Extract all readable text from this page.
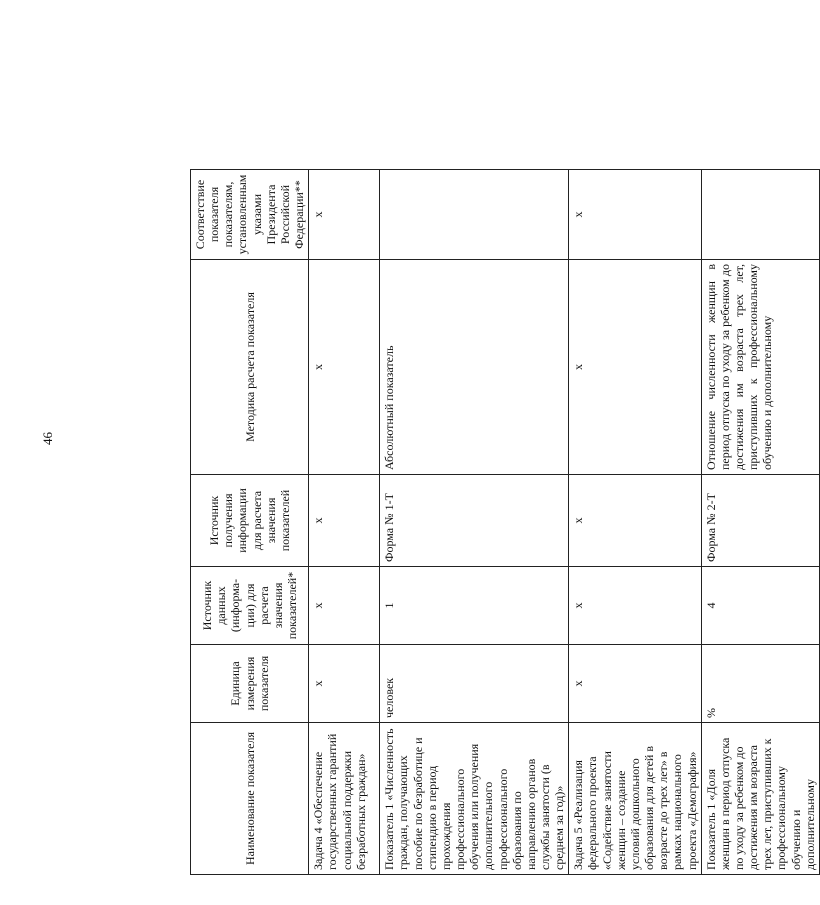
46
Наименование показателя	Единица измерения показателя	Источник данных (информа-ции) для расчета значения показателей*	Источник получения информации для расчета значения показателей	Методика расчета показателя	Соответствие показателя показателям, установленным указами Президента Российской Федерации**
Задача 4 «Обеспечение государственных гарантий социальной поддержки безработных граждан»	х	х	х	х	х
Показатель 1 «Численность граждан, получающих пособие по безработице и стипендию в период прохождения профессионального обучения или получения дополнительного профессионального образования по направлению органов службы занятости (в среднем за год)»	человек	1	Форма № 1-Т	Абсолютный показатель	
Задача 5 «Реализация федерального проекта «Содействие занятости женщин – создание условий дошкольного образования для детей в возрасте до трех лет» в рамках национального проекта «Демография»	х	х	х	х	х
Показатель 1 «Доля женщин в период отпуска по уходу за ребенком до достижения им возраста трех лет, приступивших к профессиональному обучению и дополнительному	%	4	Форма № 2-Т	Отношение численности женщин в период отпуска по уходу за ребенком до достижения им возраста трех лет, приступивших к профессиональному обучению и дополнительному	
